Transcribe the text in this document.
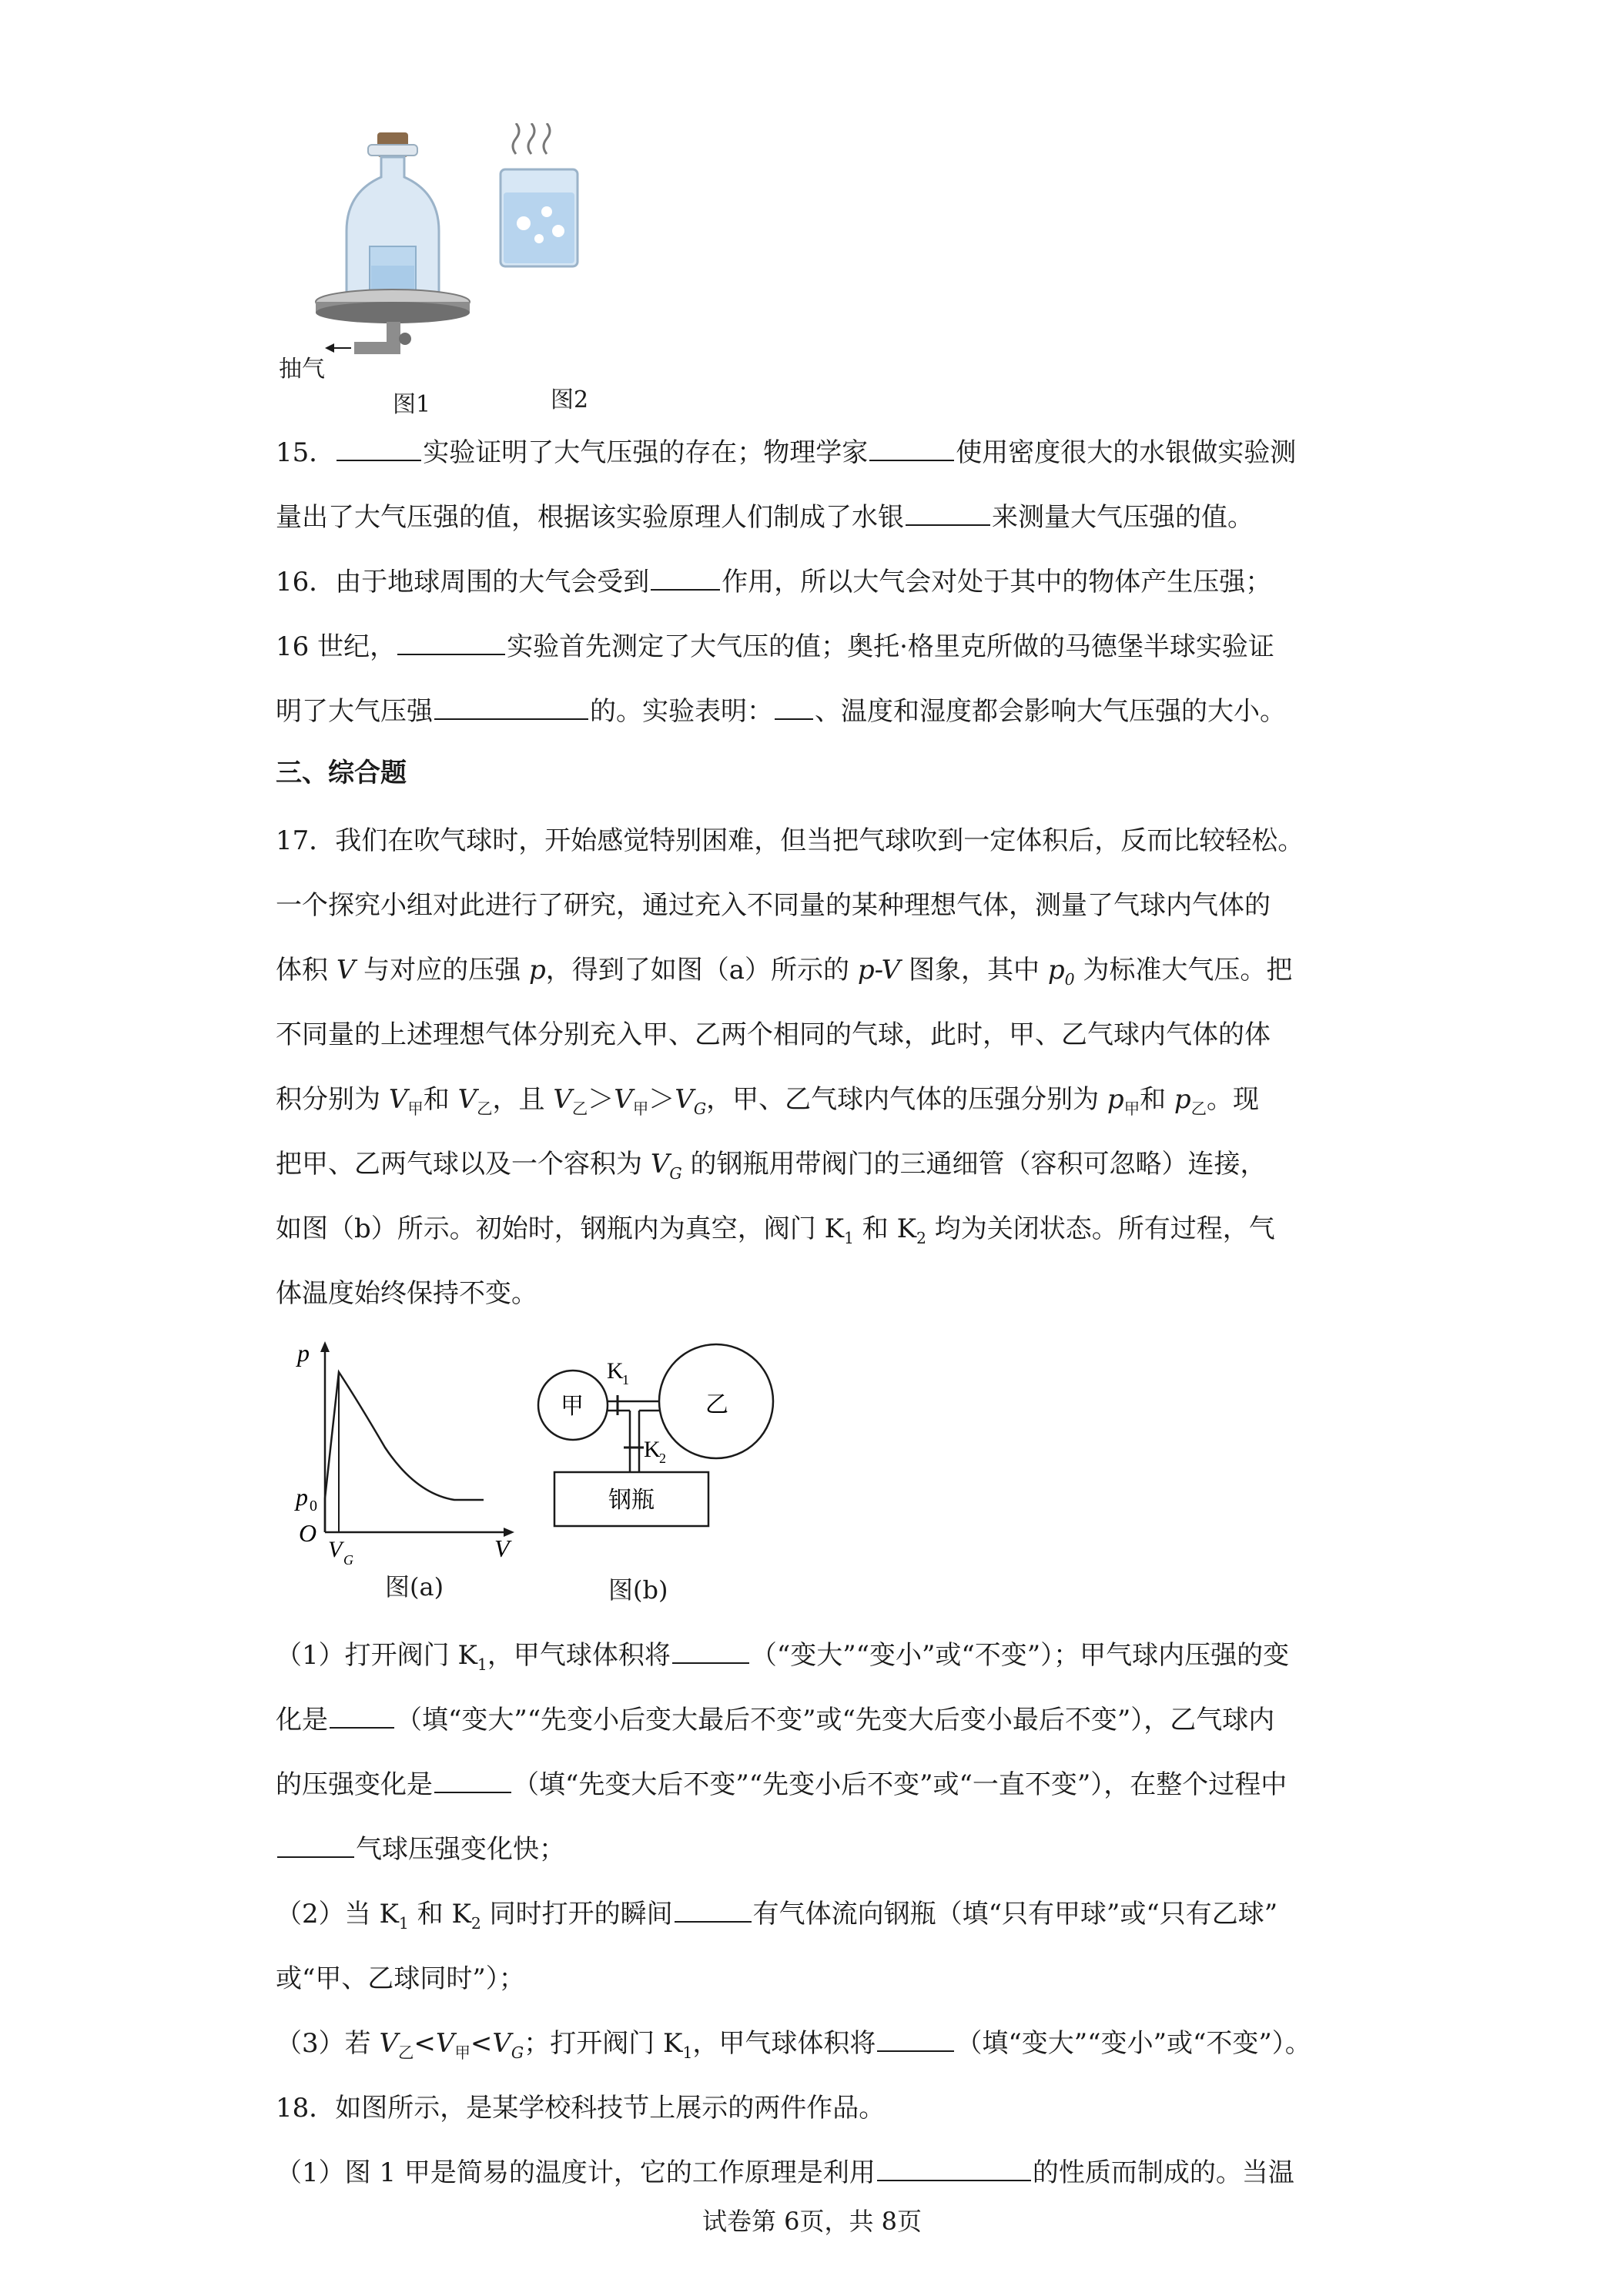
抽气
图1	图2
15．	实验证明了大气压强的存在；物理学家	使用密度很大的水银做实验测
量出了大气压强的值，根据该实验原理人们制成了水银	来测量大气压强的值。
16．由于地球周围的大气会受到	作用，所以大气会对处于其中的物体产生压强；
16 世纪，	实验首先测定了大气压的值；奥托·格里克所做的马德堡半球实验证
明了大气压强	的。实验表明： 、温度和湿度都会影响大气压强的大小。
三、综合题
17．我们在吹气球时，开始感觉特别困难，但当把气球吹到一定体积后，反而比较轻松。
一个探究小组对此进行了研究，通过充入不同量的某种理想气体，测量了气球内气体的
体积 V 与对应的压强 p，得到了如图（a）所示的 p-V 图象，其中 $p_0$ 为标准大气压。把
不同量的上述理想气体分别充入甲、乙两个相同的气球，此时，甲、乙气球内气体的体
积分别为 $V_甲$和 $V_乙$，且 $V_乙>V_甲>V_G$，甲、乙气球内气体的压强分别为 $p_甲$和 $p_乙$。现
把甲、乙两气球以及一个容积为 $V_G$ 的钢瓶用带阀门的三通细管（容积可忽略）连接，
如图（b）所示。初始时，钢瓶内为真空，阀门 $K_1$ 和 $K_2$ 均为关闭状态。所有过程，气
体温度始终保持不变。
p
p 0
O
V G	V
图(a)
甲	乙
K
1
K
2
钢瓶
图(b)
（1）打开阀门 $K_1$，甲气球体积将	（“变大”“变小”或“不变”）；甲气球内压强的变
化是	（填“变大”“先变小后变大最后不变”或“先变大后变小最后不变”），乙气球内
的压强变化是	（填“先变大后不变”“先变小后不变”或“一直不变”），在整个过程中
气球压强变化快；
（2）当 $K_1$ 和 $K_2$ 同时打开的瞬间	有气体流向钢瓶（填“只有甲球”或“只有乙球”
或“甲、乙球同时”）；
（3）若 $V_乙<V_甲<V_G$；打开阀门 $K_1$，甲气球体积将	（填“变大”“变小”或“不变”）。
18．如图所示，是某学校科技节上展示的两件作品。
（1）图 1 甲是简易的温度计，它的工作原理是利用	的性质而制成的。当温
试卷第 6页，共 8页
